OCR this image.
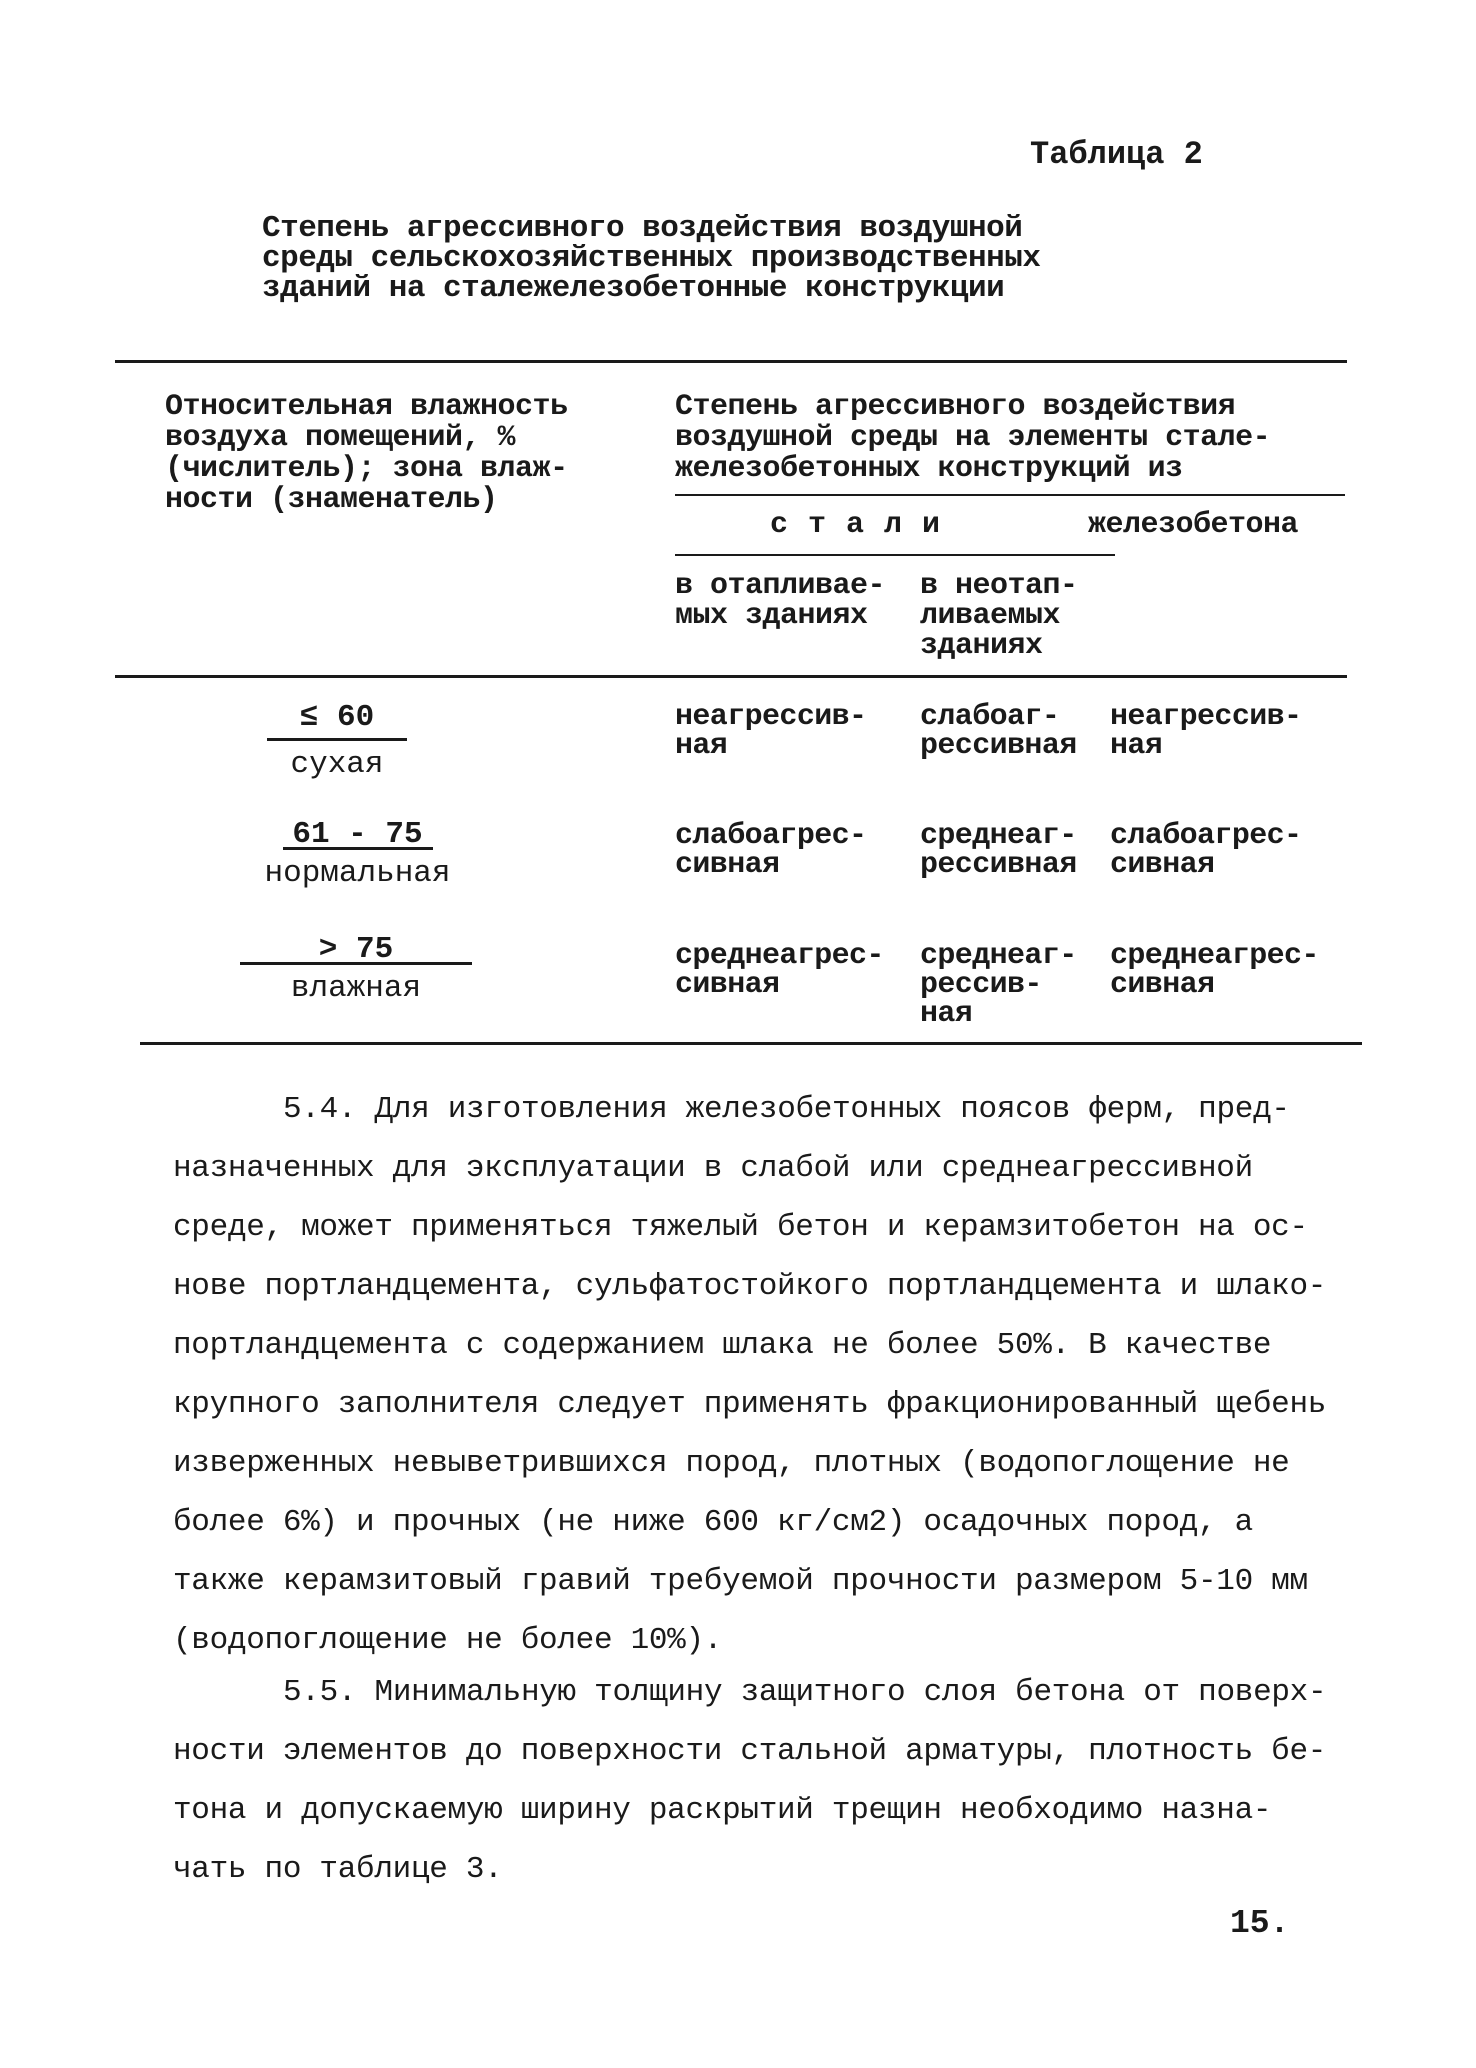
Таблица 2
Степень агрессивного воздействия воздушной
среды сельскохозяйственных производственных
зданий на сталежелезобетонные конструкции
Относительная влажность
воздуха помещений, %
(числитель); зона влаж-
ности (знаменатель)
Степень агрессивного воздействия
воздушной среды на элементы стале-
железобетонных конструкций из
с т а л и	железобетона
в отапливае-
мых зданиях
в неотап-
ливаемых
зданиях
≤ 60
сухая
неагрессив-
ная
слабоаг-
рессивная
неагрессив-
ная
61 - 75
нормальная
слабоагрес-
сивная
среднеаг-
рессивная
слабоагрес-
сивная
> 75
влажная
среднеагрес-
сивная
среднеаг-
рессив-
ная
среднеагрес-
сивная
5.4. Для изготовления железобетонных поясов ферм, пред-
назначенных для эксплуатации в слабой или среднеагрессивной
среде, может применяться тяжелый бетон и керамзитобетон на ос-
нове портландцемента, сульфатостойкого портландцемента и шлако-
портландцемента с содержанием шлака не более 50%. В качестве
крупного заполнителя следует применять фракционированный щебень
изверженных невыветрившихся пород, плотных (водопоглощение не
более 6%) и прочных (не ниже 600 кг/см2) осадочных пород, а
также керамзитовый гравий требуемой прочности размером 5-10 мм
(водопоглощение не более 10%).
5.5. Минимальную толщину защитного слоя бетона от поверх-
ности элементов до поверхности стальной арматуры, плотность бе-
тона и допускаемую ширину раскрытий трещин необходимо назна-
чать по таблице 3.
15.
